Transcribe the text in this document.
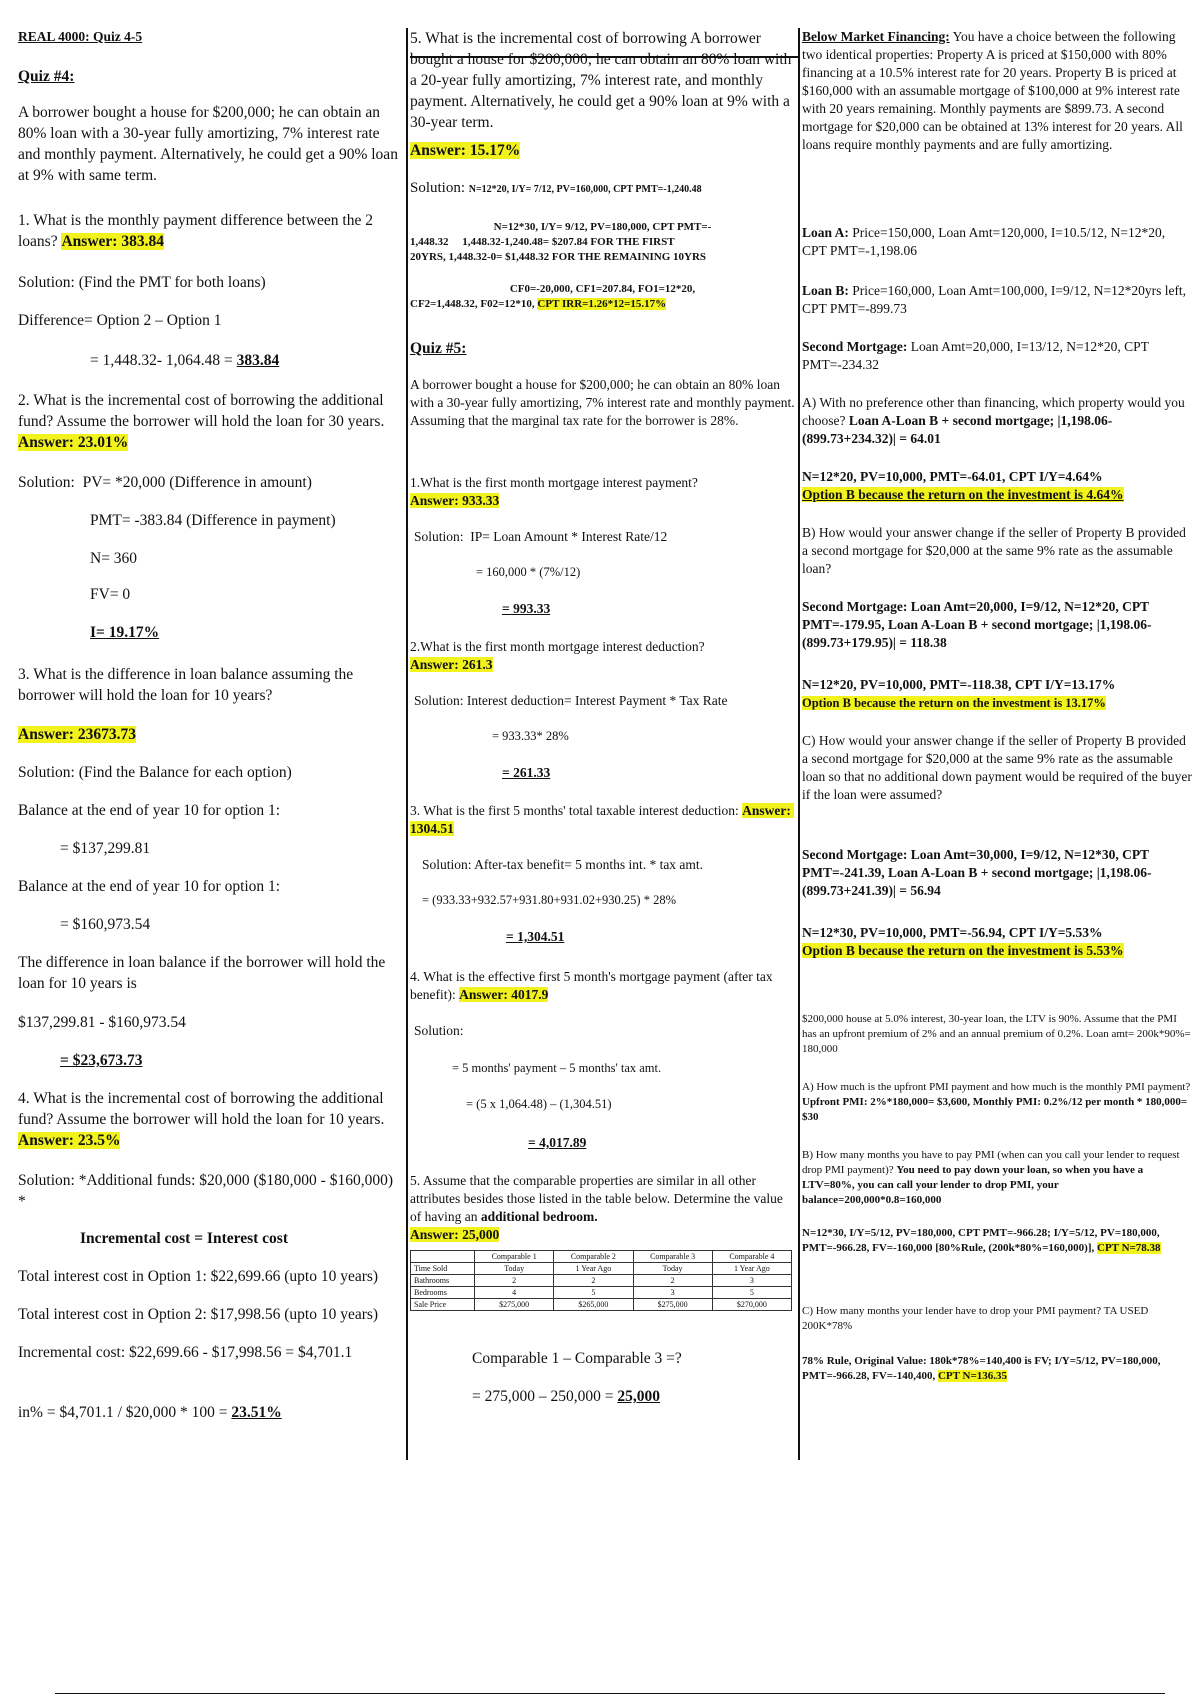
REAL 4000: Quiz 4-5

Quiz #4:

A borrower bought a house for $200,000; he can obtain an 80% loan with a 30-year fully amortizing, 7% interest rate and monthly payment. Alternatively, he could get a 90% loan at 9% with same term.

1. What is the monthly payment difference between the 2 loans? Answer: 383.84

Solution: (Find the PMT for both loans)

Difference= Option 2 – Option 1

= 1,448.32- 1,064.48 = 383.84

2. What is the incremental cost of borrowing the additional fund? Assume the borrower will hold the loan for 30 years. Answer: 23.01%

Solution:  PV= *20,000 (Difference in amount)

PMT= -383.84 (Difference in payment)

N= 360

FV= 0

I= 19.17%

3. What is the difference in loan balance assuming the borrower will hold the loan for 10 years?

Answer: 23673.73

Solution: (Find the Balance for each option)

Balance at the end of year 10 for option 1:

= $137,299.81

Balance at the end of year 10 for option 1:

= $160,973.54

The difference in loan balance if the borrower will hold the loan for 10 years is

$137,299.81 - $160,973.54

= $23,673.73

4. What is the incremental cost of borrowing the additional fund? Assume the borrower will hold the loan for 10 years. Answer: 23.5%

Solution: *Additional funds: $20,000 ($180,000 - $160,000) *

Incremental cost = Interest cost

Total interest cost in Option 1: $22,699.66 (upto 10 years)

Total interest cost in Option 2: $17,998.56 (upto 10 years)

Incremental cost: $22,699.66 - $17,998.56 = $4,701.1

in% = $4,701.1 / $20,000 * 100 = 23.51%

5. What is the incremental cost of borrowing A borrower bought a house for $200,000; he can obtain an 80% loan with a 20-year fully amortizing, 7% interest rate, and monthly payment. Alternatively, he could get a 90% loan at 9% with a 30-year term.

Answer: 15.17%

Solution: N=12*20, I/Y= 7/12, PV=160,000, CPT PMT=-1,240.48

N=12*30, I/Y= 9/12, PV=180,000, CPT PMT=-

1,448.32     1,448.32-1,240.48= $207.84 FOR THE FIRST

20YRS, 1,448.32-0= $1,448.32 FOR THE REMAINING 10YRS

CF0=-20,000, CF1=207.84, FO1=12*20,

CF2=1,448.32, F02=12*10, CPT IRR=1.26*12=15.17%

Quiz #5:

A borrower bought a house for $200,000; he can obtain an 80% loan with a 30-year fully amortizing, 7% interest rate and monthly payment. Assuming that the marginal tax rate for the borrower is 28%.

1.What is the first month mortgage interest payment?

Answer: 933.33

Solution:  IP= Loan Amount * Interest Rate/12

= 160,000 * (7%/12)

= 993.33

2.What is the first month mortgage interest deduction?

Answer: 261.3

Solution: Interest deduction= Interest Payment * Tax Rate

= 933.33* 28%

= 261.33

3. What is the first 5 months' total taxable interest deduction: Answer: 1304.51

Solution: After-tax benefit= 5 months int. * tax amt.

= (933.33+932.57+931.80+931.02+930.25) * 28%

= 1,304.51

4. What is the effective first 5 month's mortgage payment (after tax benefit): Answer: 4017.9

Solution:

= 5 months' payment – 5 months' tax amt.

= (5 x 1,064.48) – (1,304.51)

= 4,017.89

5. Assume that the comparable properties are similar in all other attributes besides those listed in the table below. Determine the value of having an additional bedroom.

Answer: 25,000

	Comparable 1	Comparable 2	Comparable 3	Comparable 4
Time Sold	Today	1 Year Ago	Today	1 Year Ago
Bathrooms	2	2	2	3
Bedrooms	4	5	3	5
Sale Price	$275,000	$265,000	$275,000	$270,000

Comparable 1 – Comparable 3 =?

= 275,000 – 250,000 = 25,000

Below Market Financing: You have a choice between the following two identical properties: Property A is priced at $150,000 with 80% financing at a 10.5% interest rate for 20 years. Property B is priced at $160,000 with an assumable mortgage of $100,000 at 9% interest rate with 20 years remaining. Monthly payments are $899.73. A second mortgage for $20,000 can be obtained at 13% interest for 20 years. All loans require monthly payments and are fully amortizing.

Loan A: Price=150,000, Loan Amt=120,000, I=10.5/12, N=12*20, CPT PMT=-1,198.06

Loan B: Price=160,000, Loan Amt=100,000, I=9/12, N=12*20yrs left, CPT PMT=-899.73

Second Mortgage: Loan Amt=20,000, I=13/12, N=12*20, CPT PMT=-234.32

A) With no preference other than financing, which property would you choose? Loan A-Loan B + second mortgage; |1,198.06-(899.73+234.32)| = 64.01

N=12*20, PV=10,000, PMT=-64.01, CPT I/Y=4.64%

Option B because the return on the investment is 4.64%

B) How would your answer change if the seller of Property B provided a second mortgage for $20,000 at the same 9% rate as the assumable loan?

Second Mortgage: Loan Amt=20,000, I=9/12, N=12*20, CPT PMT=-179.95, Loan A-Loan B + second mortgage; |1,198.06-(899.73+179.95)| = 118.38

N=12*20, PV=10,000, PMT=-118.38, CPT I/Y=13.17%

Option B because the return on the investment is 13.17%

C) How would your answer change if the seller of Property B provided a second mortgage for $20,000 at the same 9% rate as the assumable loan so that no additional down payment would be required of the buyer if the loan were assumed?

Second Mortgage: Loan Amt=30,000, I=9/12, N=12*30, CPT PMT=-241.39, Loan A-Loan B + second mortgage; |1,198.06-(899.73+241.39)| = 56.94

N=12*30, PV=10,000, PMT=-56.94, CPT I/Y=5.53%

Option B because the return on the investment is 5.53%

$200,000 house at 5.0% interest, 30-year loan, the LTV is 90%. Assume that the PMI has an upfront premium of 2% and an annual premium of 0.2%. Loan amt= 200k*90%= 180,000

A) How much is the upfront PMI payment and how much is the monthly PMI payment? Upfront PMI: 2%*180,000= $3,600, Monthly PMI: 0.2%/12 per month * 180,000= $30

B) How many months you have to pay PMI (when can you call your lender to request drop PMI payment)? You need to pay down your loan, so when you have a LTV=80%, you can call your lender to drop PMI, your balance=200,000*0.8=160,000

N=12*30, I/Y=5/12, PV=180,000, CPT PMT=-966.28; I/Y=5/12, PV=180,000, PMT=-966.28, FV=-160,000 [80%Rule, (200k*80%=160,000)], CPT N=78.38

C) How many months your lender have to drop your PMI payment? TA USED 200K*78%

78% Rule, Original Value: 180k*78%=140,400 is FV; I/Y=5/12, PV=180,000, PMT=-966.28, FV=-140,400, CPT N=136.35
